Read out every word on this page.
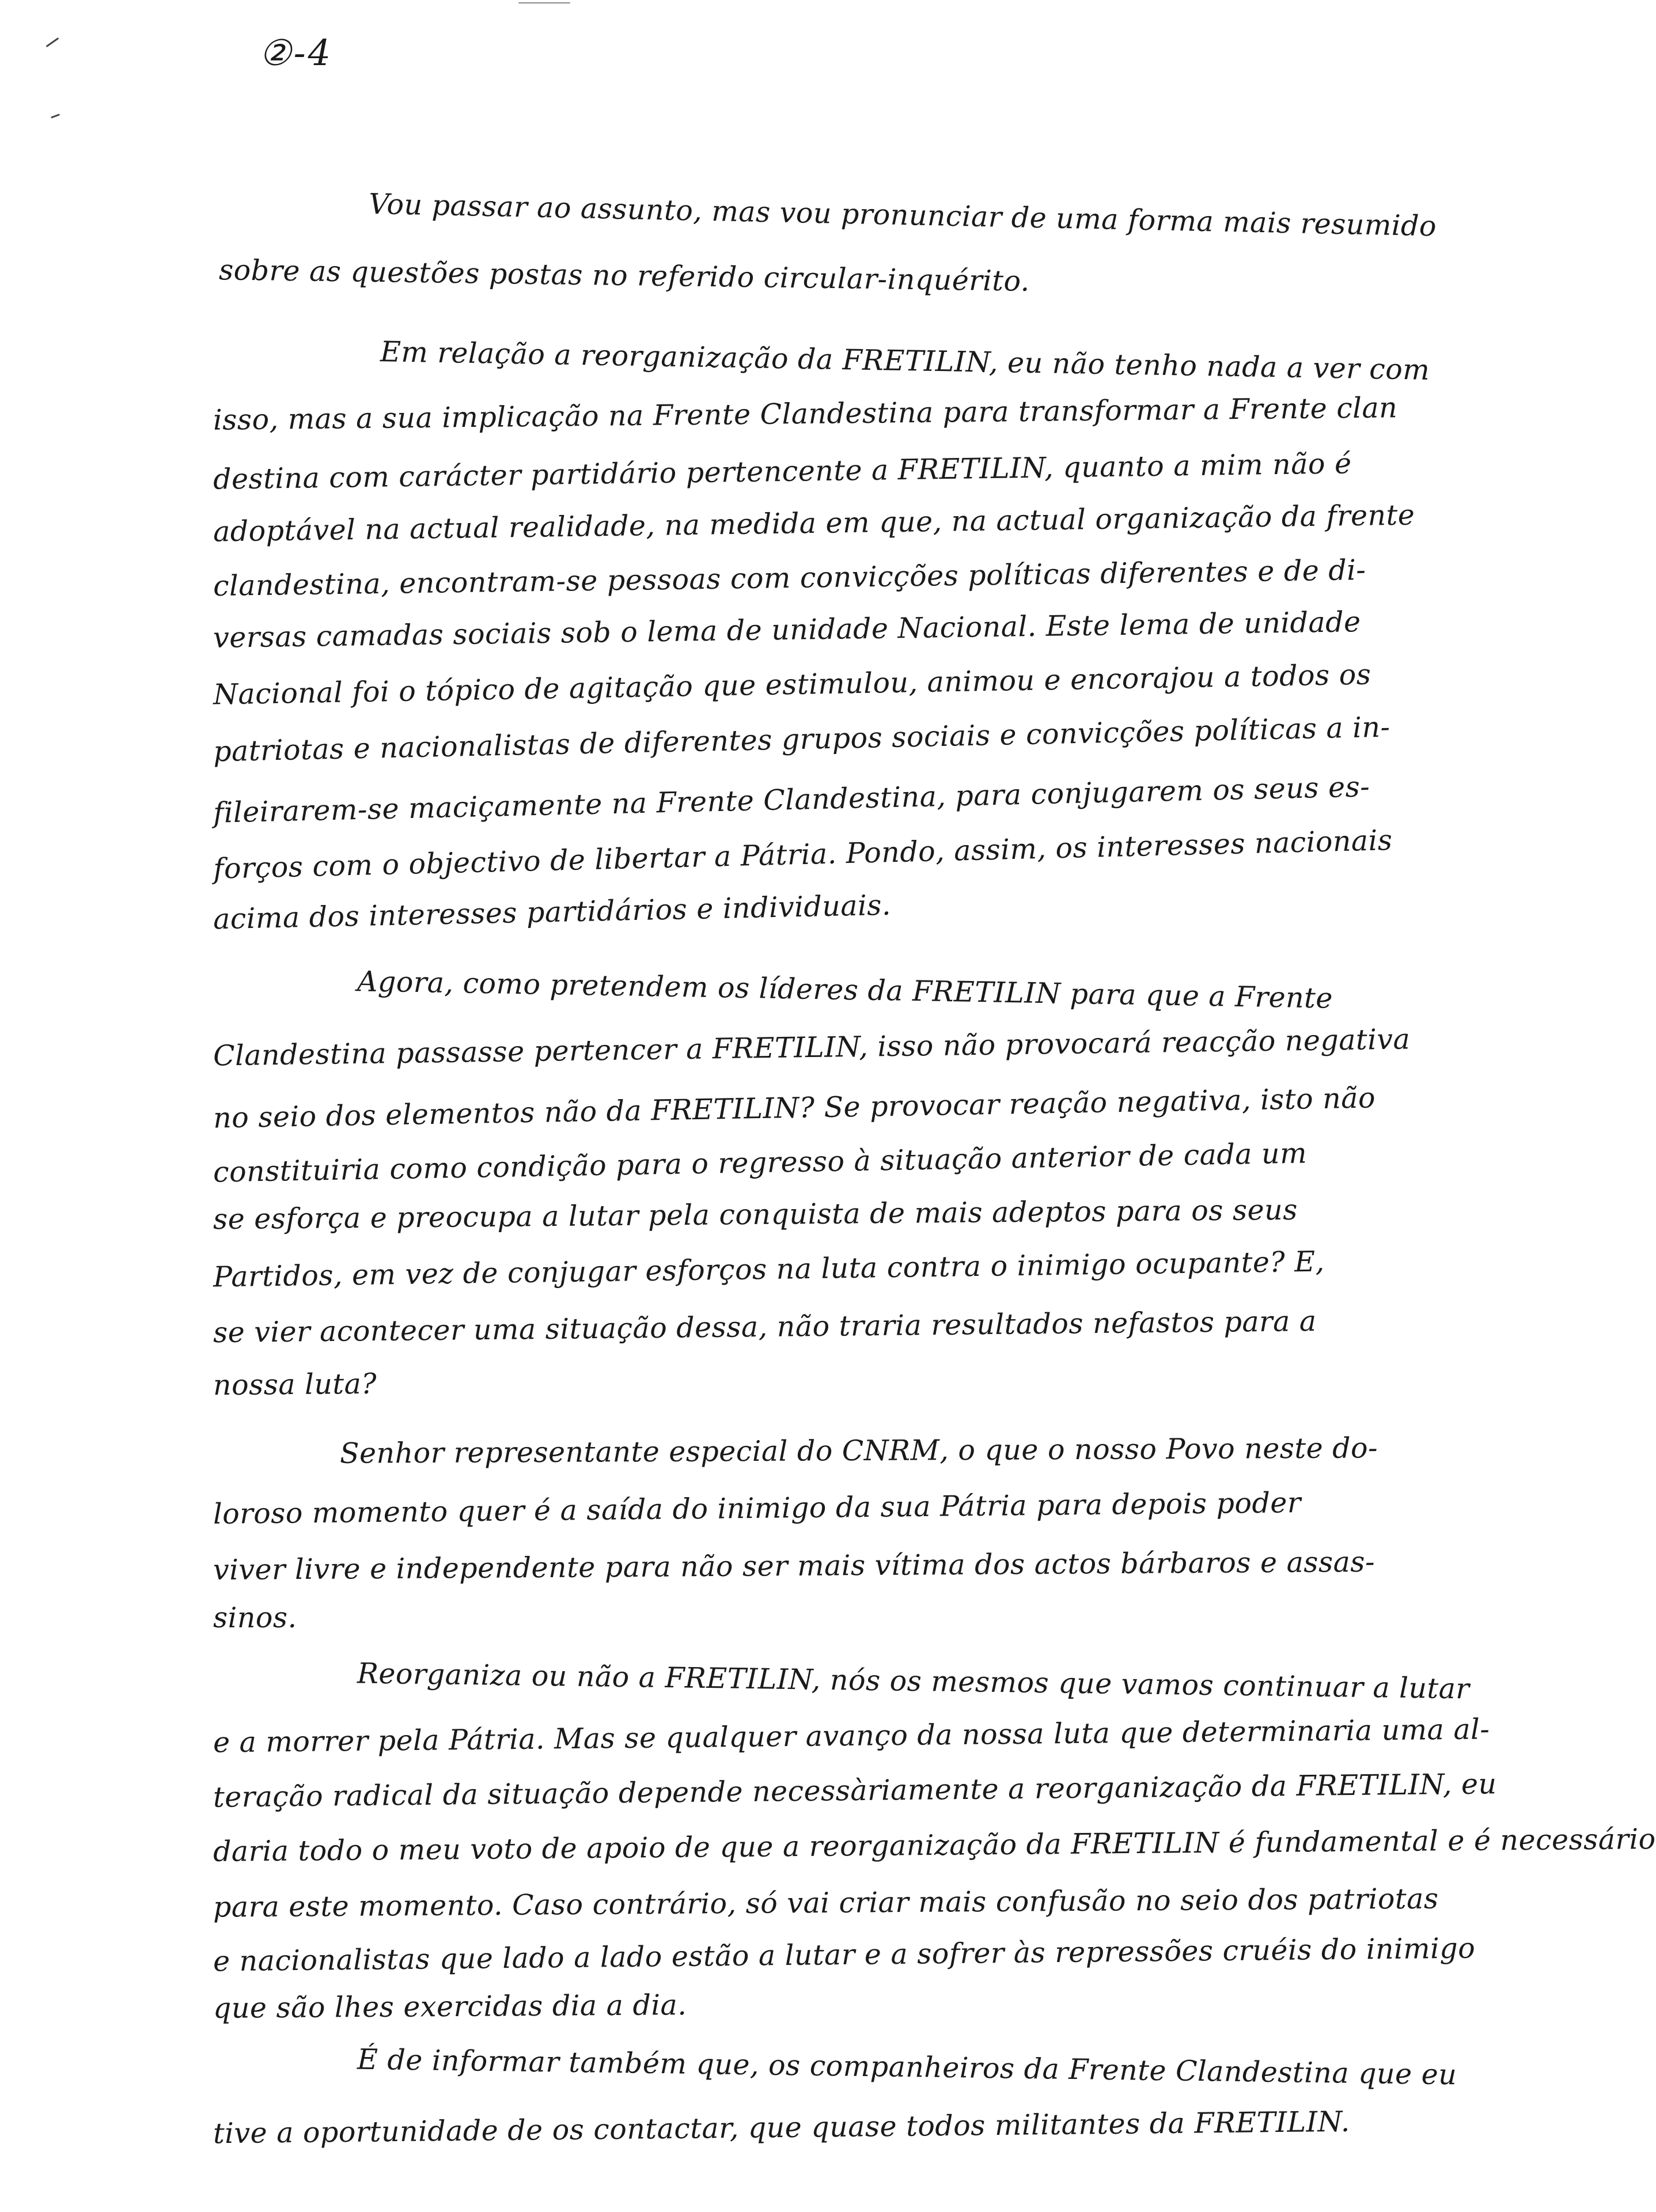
②-4
Vou passar ao assunto, mas vou pronunciar de uma forma mais resumido
sobre as questões postas no referido circular-inquérito.
Em relação a reorganização da FRETILIN, eu não tenho nada a ver com
isso, mas a sua implicação na Frente Clandestina para transformar a Frente clan
destina com carácter partidário pertencente a FRETILIN, quanto a mim não é
adoptável na actual realidade, na medida em que, na actual organização da frente
clandestina, encontram-se pessoas com convicções políticas diferentes e de di-
versas camadas sociais sob o lema de unidade Nacional. Este lema de unidade
Nacional foi o tópico de agitação que estimulou, animou e encorajou a todos os
patriotas e nacionalistas de diferentes grupos sociais e convicções políticas a in-
fileirarem-se maciçamente na Frente Clandestina, para conjugarem os seus es-
forços com o objectivo de libertar a Pátria. Pondo, assim, os interesses nacionais
acima dos interesses partidários e individuais.
Agora, como pretendem os líderes da FRETILIN para que a Frente
Clandestina passasse pertencer a FRETILIN, isso não provocará reacção negativa
no seio dos elementos não da FRETILIN? Se provocar reação negativa, isto não
constituiria como condição para o regresso à situação anterior de cada um
se esforça e preocupa a lutar pela conquista de mais adeptos para os seus
Partidos, em vez de conjugar esforços na luta contra o inimigo ocupante? E,
se vier acontecer uma situação dessa, não traria resultados nefastos para a
nossa luta?
Senhor representante especial do CNRM, o que o nosso Povo neste do-
loroso momento quer é a saída do inimigo da sua Pátria para depois poder
viver livre e independente para não ser mais vítima dos actos bárbaros e assas-
sinos.
Reorganiza ou não a FRETILIN, nós os mesmos que vamos continuar a lutar
e a morrer pela Pátria. Mas se qualquer avanço da nossa luta que determinaria uma al-
teração radical da situação depende necessàriamente a reorganização da FRETILIN, eu
daria todo o meu voto de apoio de que a reorganização da FRETILIN é fundamental e é necessário
para este momento. Caso contrário, só vai criar mais confusão no seio dos patriotas
e nacionalistas que lado a lado estão a lutar e a sofrer às repressões cruéis do inimigo
que são lhes exercidas dia a dia.
É de informar também que, os companheiros da Frente Clandestina que eu
tive a oportunidade de os contactar, que quase todos militantes da FRETILIN.
